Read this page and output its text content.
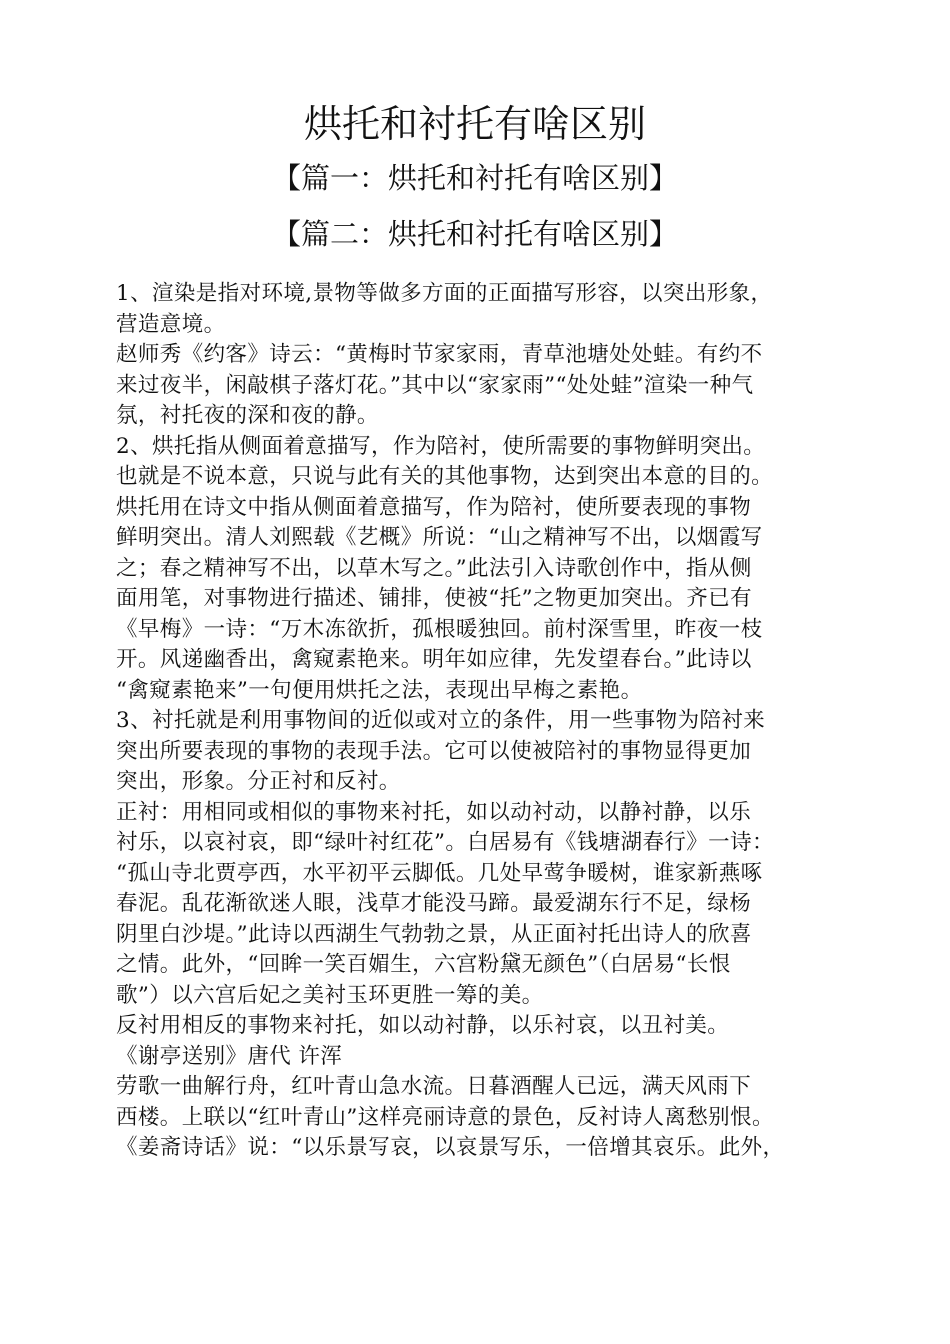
烘托和衬托有啥区别
【篇一：烘托和衬托有啥区别】
【篇二：烘托和衬托有啥区别】
1、渲染是指对环境,景物等做多方面的正面描写形容，以突出形象，
营造意境。
赵师秀《约客》诗云：“黄梅时节家家雨，青草池塘处处蛙。有约不
来过夜半，闲敲棋子落灯花。”其中以“家家雨”“处处蛙”渲染一种气
氛，衬托夜的深和夜的静。
2、烘托指从侧面着意描写，作为陪衬，使所需要的事物鲜明突出。
也就是不说本意，只说与此有关的其他事物，达到突出本意的目的。
烘托用在诗文中指从侧面着意描写，作为陪衬，使所要表现的事物
鲜明突出。清人刘熙载《艺概》所说：“山之精神写不出，以烟霞写
之；春之精神写不出，以草木写之。”此法引入诗歌创作中，指从侧
面用笔，对事物进行描述、铺排，使被“托”之物更加突出。齐已有
《早梅》一诗：“万木冻欲折，孤根暖独回。前村深雪里，昨夜一枝
开。风递幽香出，禽窥素艳来。明年如应律，先发望春台。”此诗以
“禽窥素艳来”一句便用烘托之法，表现出早梅之素艳。
3、衬托就是利用事物间的近似或对立的条件，用一些事物为陪衬来
突出所要表现的事物的表现手法。它可以使被陪衬的事物显得更加
突出，形象。分正衬和反衬。
正衬：用相同或相似的事物来衬托，如以动衬动，以静衬静，以乐
衬乐，以哀衬哀，即“绿叶衬红花”。白居易有《钱塘湖春行》一诗：
“孤山寺北贾亭西，水平初平云脚低。几处早莺争暖树，谁家新燕啄
春泥。乱花渐欲迷人眼，浅草才能没马蹄。最爱湖东行不足，绿杨
阴里白沙堤。”此诗以西湖生气勃勃之景，从正面衬托出诗人的欣喜
之情。此外，“回眸一笑百媚生，六宫粉黛无颜色”（白居易“长恨
歌”）以六宫后妃之美衬玉环更胜一筹的美。
反衬用相反的事物来衬托，如以动衬静，以乐衬哀，以丑衬美。
《谢亭送别》唐代 许浑
劳歌一曲解行舟，红叶青山急水流。日暮酒醒人已远，满天风雨下
西楼。上联以“红叶青山”这样亮丽诗意的景色，反衬诗人离愁别恨。
《姜斋诗话》说：“以乐景写哀，以哀景写乐，一倍增其哀乐。此外，
